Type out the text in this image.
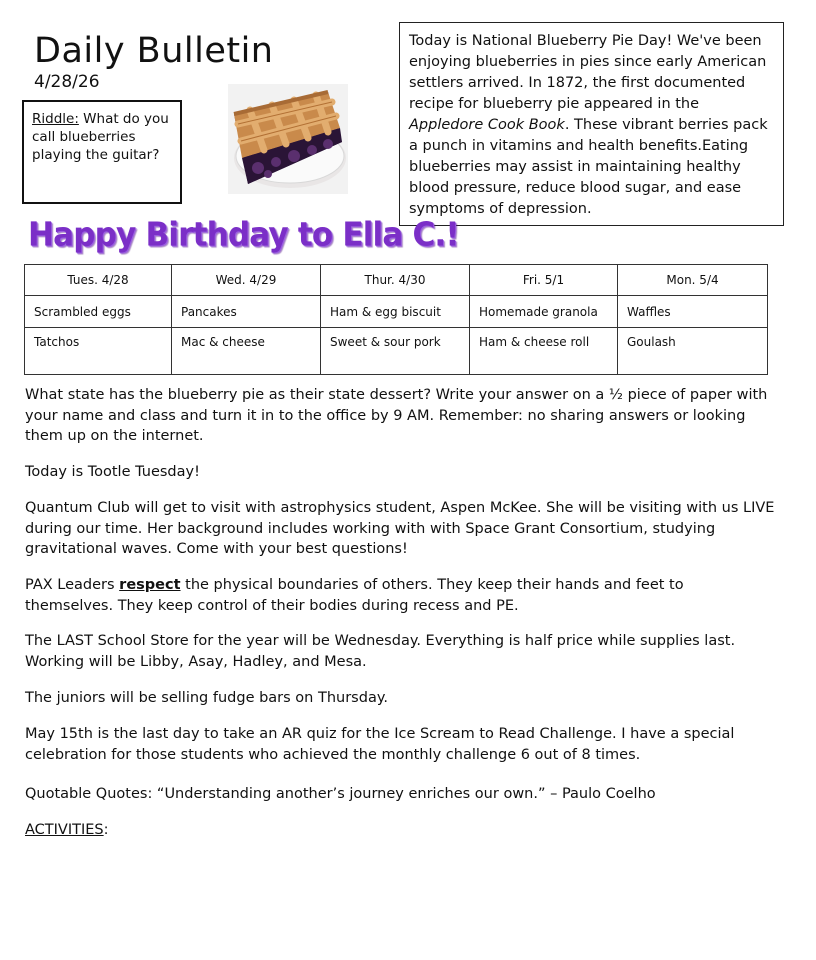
Daily Bulletin
4/28/26
Riddle: What do you call blueberries playing the guitar?
Today is National Blueberry Pie Day! We've been enjoying blueberries in pies since early American settlers arrived. In 1872, the first documented recipe for blueberry pie appeared in the Appledore Cook Book. These vibrant berries pack a punch in vitamins and health benefits.Eating blueberries may assist in maintaining healthy blood pressure, reduce blood sugar, and ease symptoms of depression.
Happy Birthday to Ella C.!
Tues. 4/28	Wed. 4/29	Thur. 4/30	Fri. 5/1	Mon. 5/4
Scrambled eggs	Pancakes	Ham & egg biscuit	Homemade granola	Waffles
Tatchos	Mac & cheese	Sweet & sour pork	Ham & cheese roll	Goulash
What state has the blueberry pie as their state dessert? Write your answer on a ½ piece of paper with your name and class and turn it in to the office by 9 AM. Remember: no sharing answers or looking them up on the internet.
Today is Tootle Tuesday!
Quantum Club will get to visit with astrophysics student, Aspen McKee. She will be visiting with us LIVE during our time. Her background includes working with with Space Grant Consortium, studying gravitational waves. Come with your best questions!
PAX Leaders respect the physical boundaries of others. They keep their hands and feet to themselves. They keep control of their bodies during recess and PE.
The LAST School Store for the year will be Wednesday. Everything is half price while supplies last. Working will be Libby, Asay, Hadley, and Mesa.
The juniors will be selling fudge bars on Thursday.
May 15th is the last day to take an AR quiz for the Ice Scream to Read Challenge. I have a special celebration for those students who achieved the monthly challenge 6 out of 8 times.
Quotable Quotes: “Understanding another’s journey enriches our own.” – Paulo Coelho
ACTIVITIES:
